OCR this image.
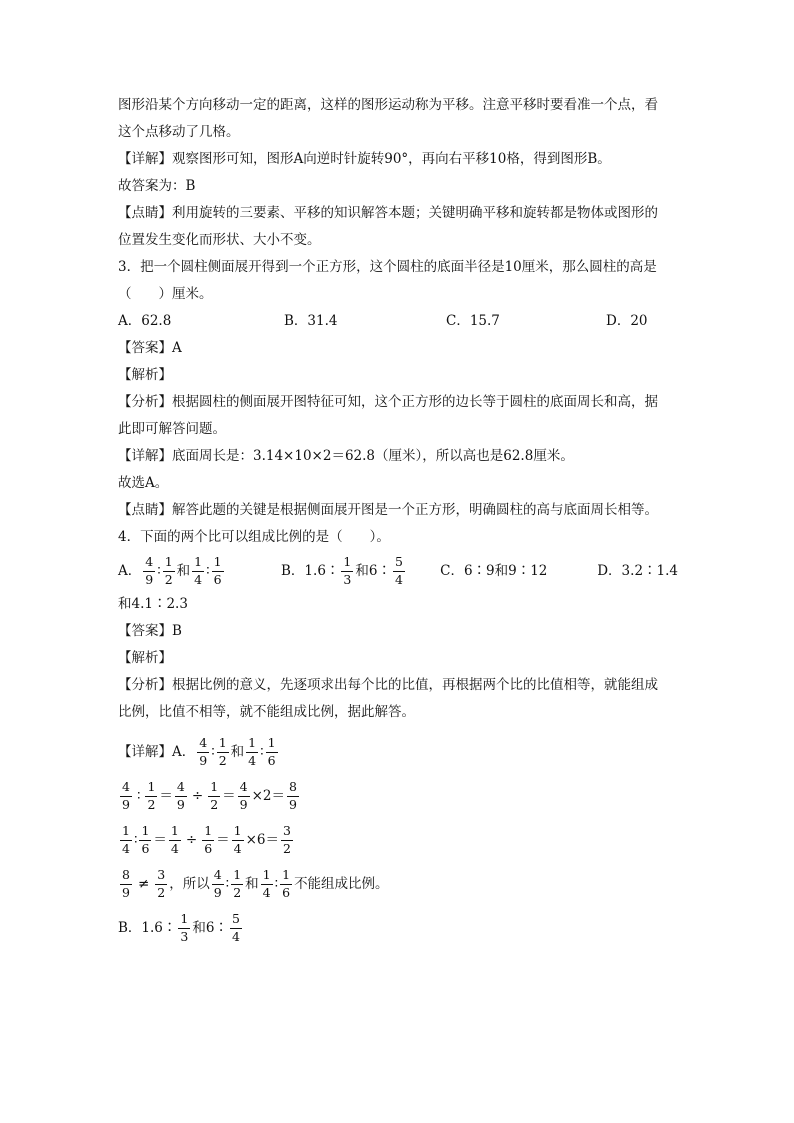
图形沿某个方向移动一定的距离，这样的图形运动称为平移。注意平移时要看准一个点，看
这个点移动了几格。
【详解】观察图形可知，图形A向逆时针旋转90°，再向右平移10格，得到图形B。
故答案为：B
【点睛】利用旋转的三要素、平移的知识解答本题；关键明确平移和旋转都是物体或图形的
位置发生变化而形状、大小不变。
3．把一个圆柱侧面展开得到一个正方形，这个圆柱的底面半径是10厘米，那么圆柱的高是
（　　）厘米。
A．62.8	B．31.4	C．15.7	D．20
【答案】A
【解析】
【分析】根据圆柱的侧面展开图特征可知，这个正方形的边长等于圆柱的底面周长和高，据
此即可解答问题。
【详解】底面周长是：3.14×10×2＝62.8（厘米），所以高也是62.8厘米。
故选A。
【点睛】解答此题的关键是根据侧面展开图是一个正方形，明确圆柱的高与底面周长相等。
4．下面的两个比可以组成比例的是（　　）。
A． $\frac{4}{9}$ ∶ $\frac{1}{2}$ 和 $\frac{1}{4}$ ∶ $\frac{1}{6}$	B．1.6∶ $\frac{1}{3}$ 和6∶ $\frac{5}{4}$	C．6∶9和9∶12	D．3.2∶1.4
和4.1∶2.3
【答案】B
【解析】
【分析】根据比例的意义，先逐项求出每个比的比值，再根据两个比的比值相等，就能组成
比例，比值不相等，就不能组成比例，据此解答。
【详解】A． $\frac{4}{9}$ ∶ $\frac{1}{2}$ 和 $\frac{1}{4}$ ∶ $\frac{1}{6}$
$\frac{4}{9}$ ∶ $\frac{1}{2} = \frac{4}{9} \div \frac{1}{2} = \frac{4}{9} \times 2= \frac{8}{9}$
$\frac{1}{4}$ ∶ $\frac{1}{6} = \frac{1}{4} \div \frac{1}{6} = \frac{1}{4} \times 6= \frac{3}{2}$
$\frac{8}{9} \ne \frac{3}{2}$ ，所以 $\frac{4}{9}$ ∶ $\frac{1}{2}$ 和 $\frac{1}{4}$ ∶ $\frac{1}{6}$ 不能组成比例。
B．1.6∶ $\frac{1}{3}$ 和6∶ $\frac{5}{4}$
